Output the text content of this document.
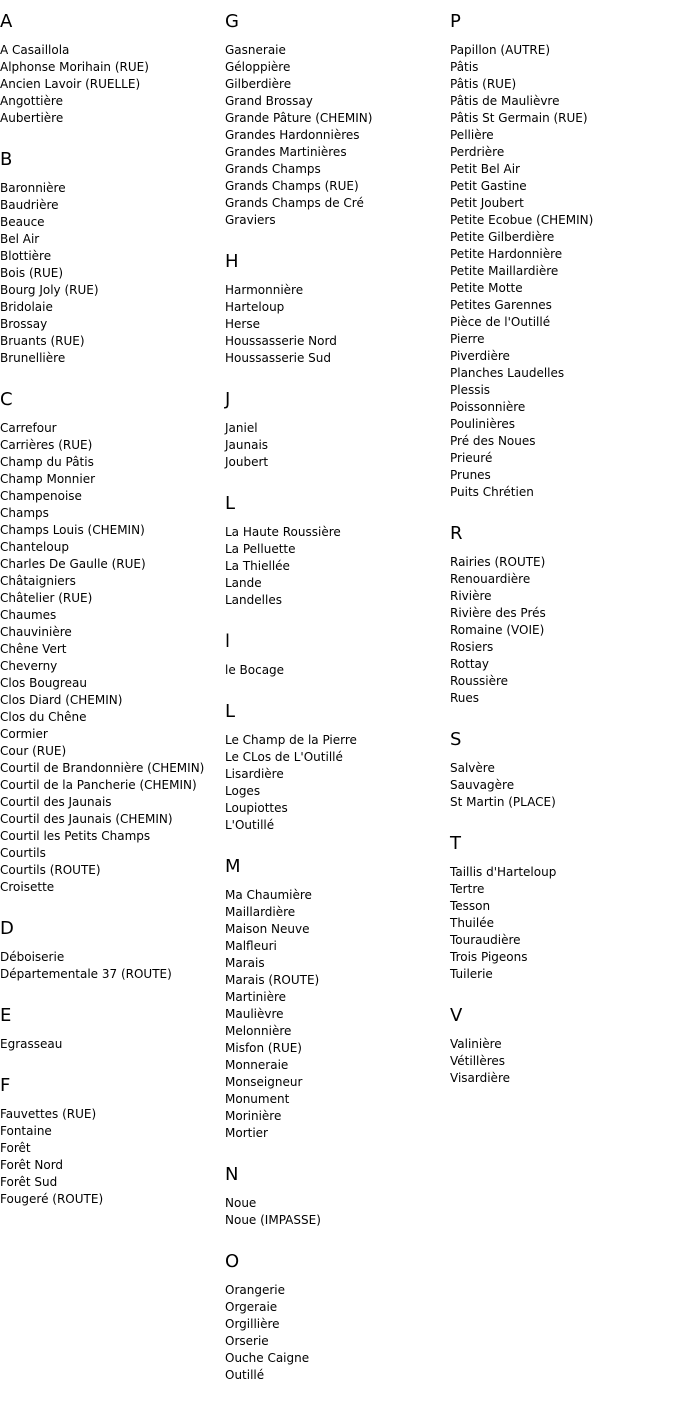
A
A Casaillola
Alphonse Morihain (RUE)
Ancien Lavoir (RUELLE)
Angottière
Aubertière
B
Baronnière
Baudrière
Beauce
Bel Air
Blottière
Bois (RUE)
Bourg Joly (RUE)
Bridolaie
Brossay
Bruants (RUE)
Brunellière
C
Carrefour
Carrières (RUE)
Champ du Pâtis
Champ Monnier
Champenoise
Champs
Champs Louis (CHEMIN)
Chanteloup
Charles De Gaulle (RUE)
Châtaigniers
Châtelier (RUE)
Chaumes
Chauvinière
Chêne Vert
Cheverny
Clos Bougreau
Clos Diard (CHEMIN)
Clos du Chêne
Cormier
Cour (RUE)
Courtil de Brandonnière (CHEMIN)
Courtil de la Pancherie (CHEMIN)
Courtil des Jaunais
Courtil des Jaunais (CHEMIN)
Courtil les Petits Champs
Courtils
Courtils (ROUTE)
Croisette
D
Déboiserie
Départementale 37 (ROUTE)
E
Egrasseau
F
Fauvettes (RUE)
Fontaine
Forêt
Forêt Nord
Forêt Sud
Fougeré (ROUTE)
G
Gasneraie
Géloppière
Gilberdière
Grand Brossay
Grande Pâture (CHEMIN)
Grandes Hardonnières
Grandes Martinières
Grands Champs
Grands Champs (RUE)
Grands Champs de Cré
Graviers
H
Harmonnière
Harteloup
Herse
Houssasserie Nord
Houssasserie Sud
J
Janiel
Jaunais
Joubert
L
La Haute Roussière
La Pelluette
La Thiellée
Lande
Landelles
l
le Bocage
L
Le Champ de la Pierre
Le CLos de L'Outillé
Lisardière
Loges
Loupiottes
L'Outillé
M
Ma Chaumière
Maillardière
Maison Neuve
Malfleuri
Marais
Marais (ROUTE)
Martinière
Maulièvre
Melonnière
Misfon (RUE)
Monneraie
Monseigneur
Monument
Morinière
Mortier
N
Noue
Noue (IMPASSE)
O
Orangerie
Orgeraie
Orgillière
Orserie
Ouche Caigne
Outillé
P
Papillon (AUTRE)
Pâtis
Pâtis (RUE)
Pâtis de Maulièvre
Pâtis St Germain (RUE)
Pellière
Perdrière
Petit Bel Air
Petit Gastine
Petit Joubert
Petite Ecobue (CHEMIN)
Petite Gilberdière
Petite Hardonnière
Petite Maillardière
Petite Motte
Petites Garennes
Pièce de l'Outillé
Pierre
Piverdière
Planches Laudelles
Plessis
Poissonnière
Poulinières
Pré des Noues
Prieuré
Prunes
Puits Chrétien
R
Rairies (ROUTE)
Renouardière
Rivière
Rivière des Prés
Romaine (VOIE)
Rosiers
Rottay
Roussière
Rues
S
Salvère
Sauvagère
St Martin (PLACE)
T
Taillis d'Harteloup
Tertre
Tesson
Thuilée
Touraudière
Trois Pigeons
Tuilerie
V
Valinière
Vétillères
Visardière
